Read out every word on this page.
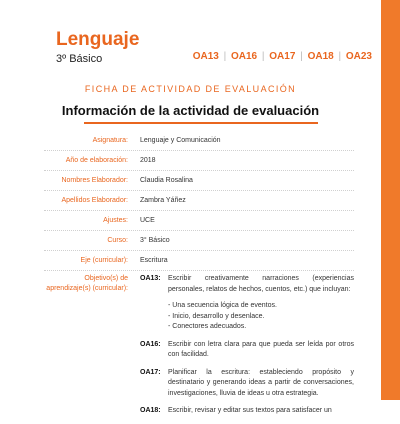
Lenguaje
3º Básico	OA13 | OA16 | OA17 | OA18 | OA23
FICHA DE ACTIVIDAD DE EVALUACIÓN
Información de la actividad de evaluación
Asignatura:	Lenguaje y Comunicación
Año de elaboración:	2018
Nombres Elaborador:	Claudia Rosalina
Apellidos Elaborador:	Zambra Yáñez
Ajustes:	UCE
Curso:	3° Básico
Eje (curricular):	Escritura
Objetivo(s) de aprendizaje(s) (curricular):
OA13:	Escribir creativamente narraciones (experiencias personales, relatos de hechos, cuentos, etc.) que incluyan:
- Una secuencia lógica de eventos.
- Inicio, desarrollo y desenlace.
- Conectores adecuados.
OA16:	Escribir con letra clara para que pueda ser leída por otros con facilidad.
OA17:	Planificar la escritura: estableciendo propósito y destinatario y generando ideas a partir de conversaciones, investigaciones, lluvia de ideas u otra estrategia.
OA18:	Escribir, revisar y editar sus textos para satisfacer un
